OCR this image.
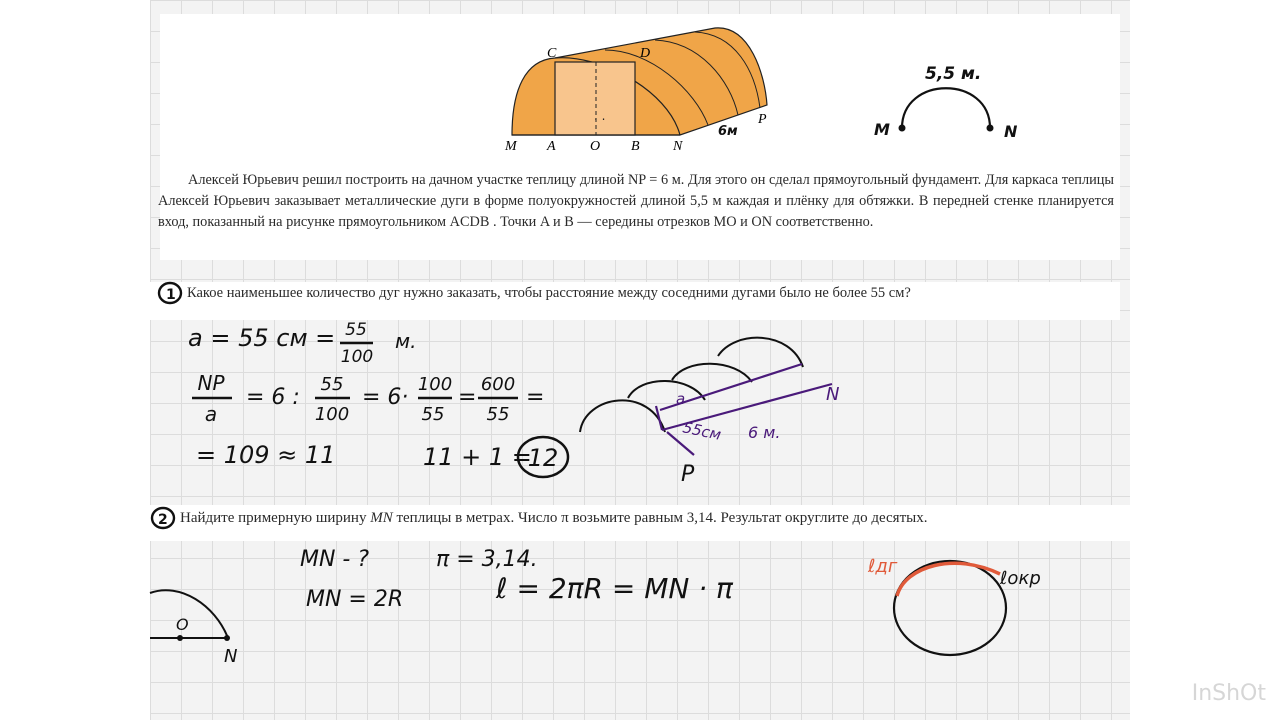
C	D
M A O B N
P
6м
. .
5,5 м.
M	N

Алексей Юрьевич решил построить на дачном участке теплицу длиной NP = 6 м. Для этого он сделал прямоугольный фундамент. Для каркаса теплицы Алексей Юрьевич заказывает металлические дуги в форме полуокружностей длиной 5,5 м каждая и плёнку для обтяжки. В передней стенке планируется вход, показанный на рисунке прямоугольником ACDB . Точки A и B — середины отрезков MO и ON соответственно.

1 Какое наименьшее количество дуг нужно заказать, чтобы расстояние между соседними дугами было не более 55 см?
2 Найдите примерную ширину MN теплицы в метрах. Число π возьмите равным 3,14. Результат округлите до десятых.
a = 55 см = 55
100
м.
NP
a
= 6 :
55
100
= 6·
100
55
=
600
55
=
= 109 ≈ 11	11 + 1 =
12
a
55см 6 м.
N
P
MN - ?	π = 3,14.
MN = 2R	ℓ = 2πR = MN · π
O
N
ℓдг
ℓокр
InShOt
